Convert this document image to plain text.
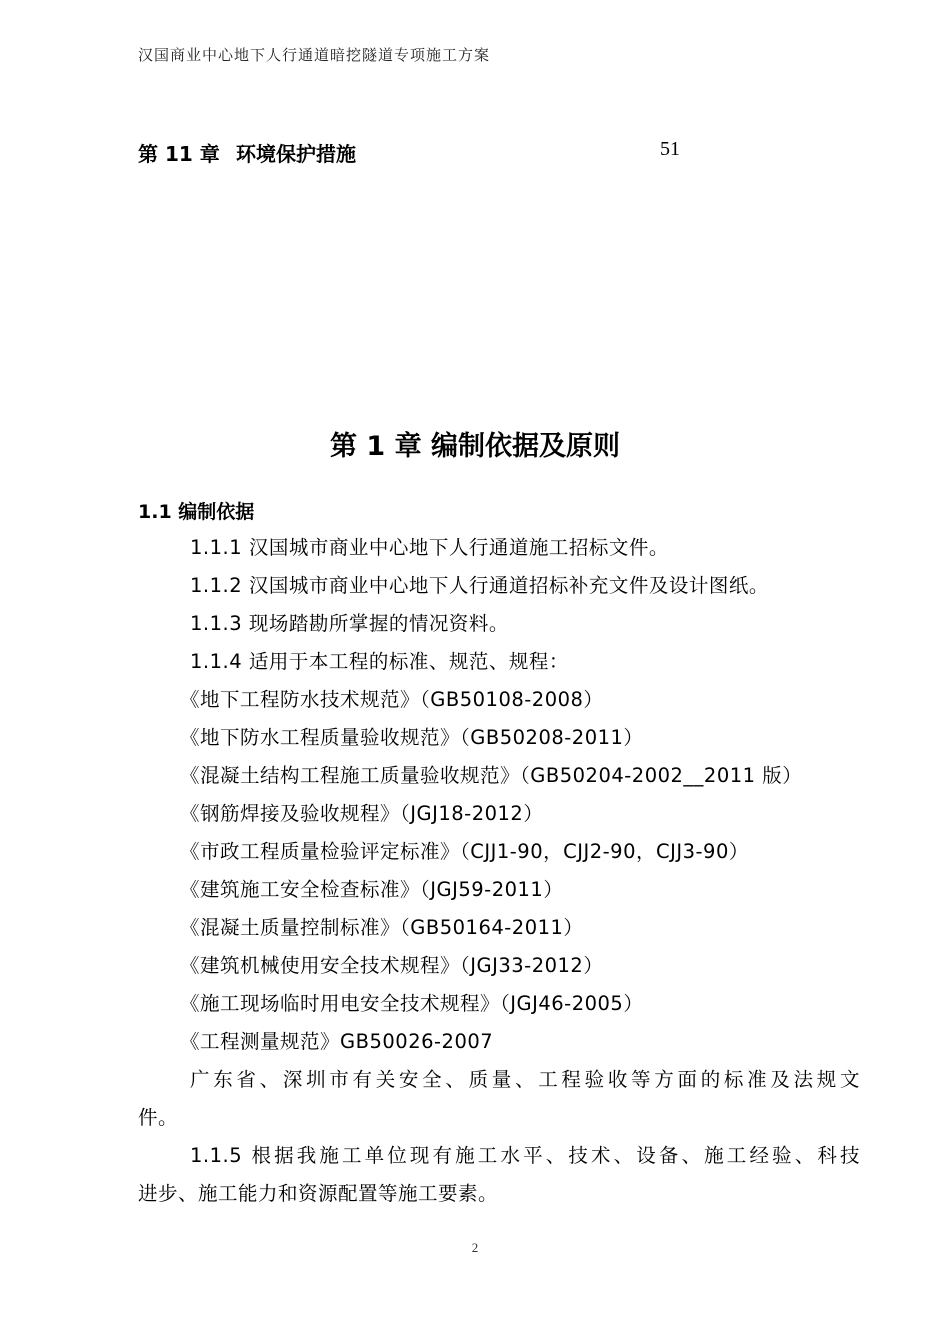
汉国商业中心地下人行通道暗挖隧道专项施工方案
第 11 章 环境保护措施	51
第 1 章 编制依据及原则
1.1 编制依据
1.1.1 汉国城市商业中心地下人行通道施工招标文件。
1.1.2 汉国城市商业中心地下人行通道招标补充文件及设计图纸。
1.1.3 现场踏勘所掌握的情况资料。
1.1.4 适用于本工程的标准、规范、规程：
《地下工程防水技术规范》（GB50108-2008）
《地下防水工程质量验收规范》（GB50208-2011）
《混凝土结构工程施工质量验收规范》（GB50204-2002__2011 版）
《钢筋焊接及验收规程》（JGJ18-2012）
《市政工程质量检验评定标准》（CJJ1-90，CJJ2-90，CJJ3-90）
《建筑施工安全检查标准》（JGJ59-2011）
《混凝土质量控制标准》（GB50164-2011）
《建筑机械使用安全技术规程》（JGJ33-2012）
《施工现场临时用电安全技术规程》（JGJ46-2005）
《工程测量规范》GB50026-2007
广东省、深圳市有关安全、质量、工程验收等方面的标准及法规文
件。
1.1.5 根据我施工单位现有施工水平、技术、设备、施工经验、科技
进步、施工能力和资源配置等施工要素。
2
